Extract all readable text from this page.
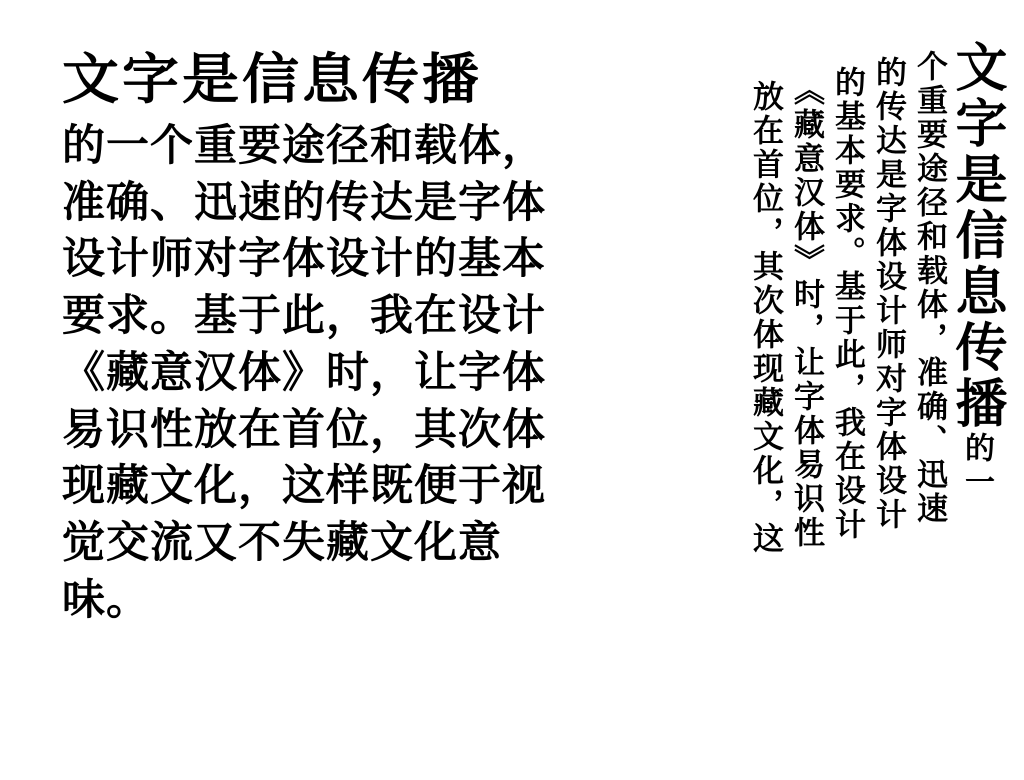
文字是信息传播
的一个重要途径和载体，准确、迅速的传达是字体设计师对字体设计的基本要求。基于此，我在设计《藏意汉体》时，让字体易识性放在首位，其次体现藏文化，这样既便于视觉交流又不失藏文化意味。
文字是信息传播的一
个重要途径和载体，准确、迅速
的传达是字体设计师对字体设计
的基本要求。基于此，我在设计
《藏意汉体》时，让字体易识性
放在首位，其次体现藏文化，这
